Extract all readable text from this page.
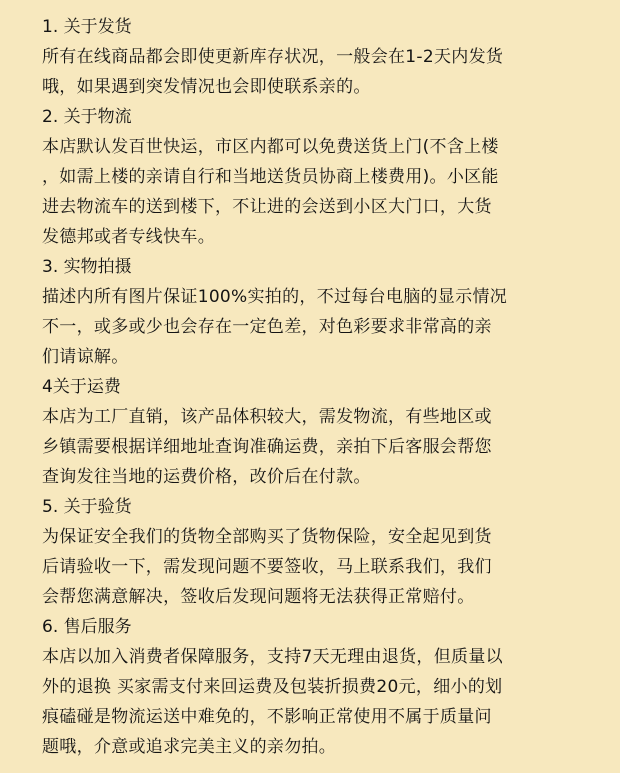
1. 关于发货
所有在线商品都会即使更新库存状况，一般会在1-2天内发货
哦，如果遇到突发情况也会即使联系亲的。
2. 关于物流
本店默认发百世快运，市区内都可以免费送货上门(不含上楼
，如需上楼的亲请自行和当地送货员协商上楼费用)。小区能
进去物流车的送到楼下，不让进的会送到小区大门口，大货
发德邦或者专线快车。
3. 实物拍摄
描述内所有图片保证100%实拍的，不过每台电脑的显示情况
不一，或多或少也会存在一定色差，对色彩要求非常高的亲
们请谅解。
4关于运费
本店为工厂直销，该产品体积较大，需发物流，有些地区或
乡镇需要根据详细地址查询准确运费，亲拍下后客服会帮您
查询发往当地的运费价格，改价后在付款。
5. 关于验货
为保证安全我们的货物全部购买了货物保险，安全起见到货
后请验收一下，需发现问题不要签收，马上联系我们，我们
会帮您满意解决，签收后发现问题将无法获得正常赔付。
6. 售后服务
本店以加入消费者保障服务，支持7天无理由退货，但质量以
外的退换 买家需支付来回运费及包装折损费20元，细小的划
痕磕碰是物流运送中难免的，不影响正常使用不属于质量问
题哦，介意或追求完美主义的亲勿拍。
